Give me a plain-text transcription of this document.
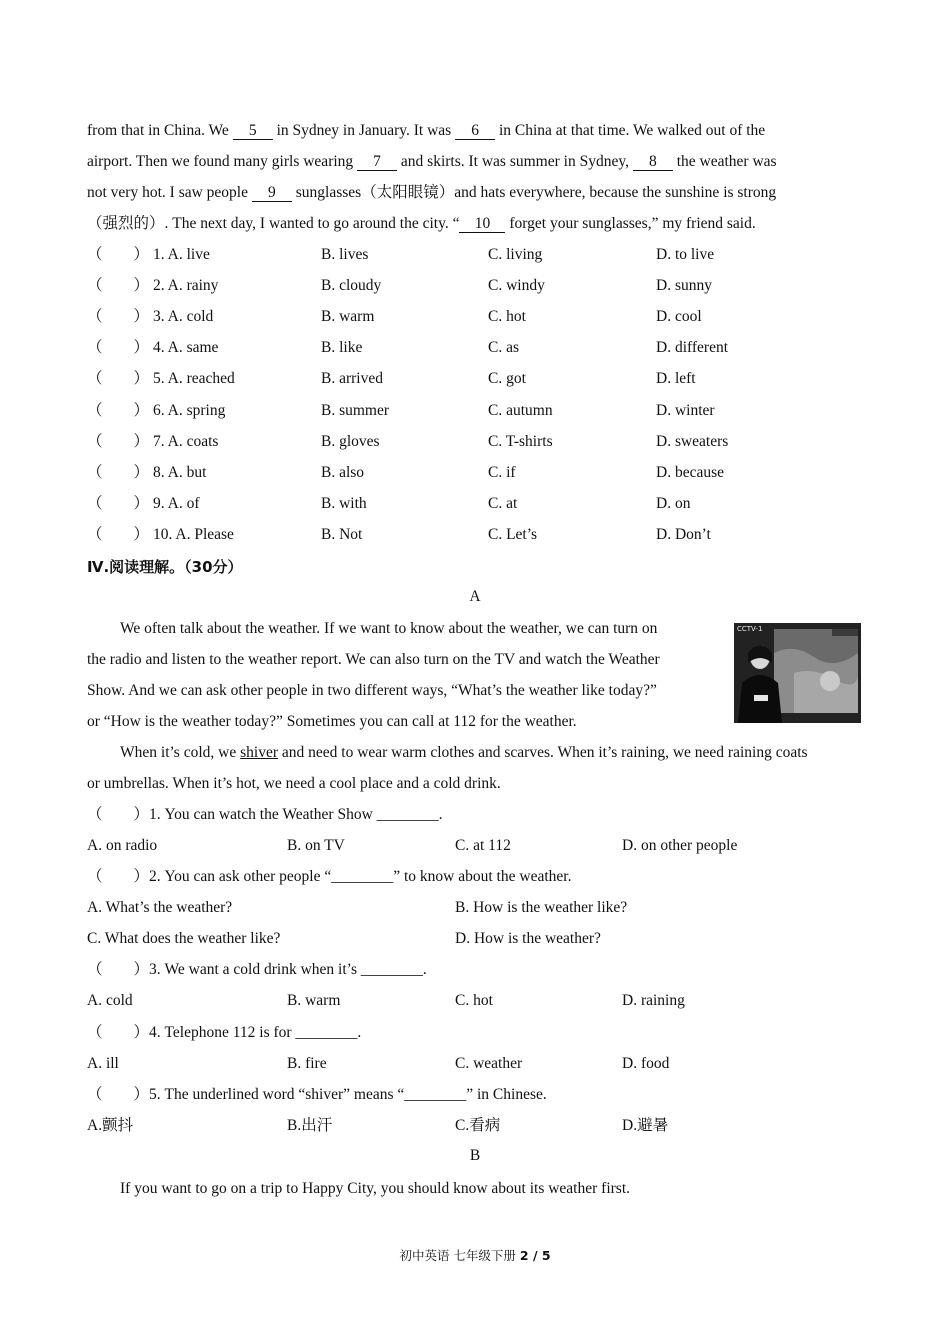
from that in China. We 5 in Sydney in January. It was 6 in China at that time. We walked out of the
airport. Then we found many girls wearing 7 and skirts. It was summer in Sydney, 8 the weather was
not very hot. I saw people 9 sunglasses（太阳眼镜）and hats everywhere, because the sunshine is strong
（强烈的）. The next day, I wanted to go around the city. “ 10 forget your sunglasses,” my friend said.
（　　） 1. A. live	B. lives	C. living	D. to live
（　　） 2. A. rainy	B. cloudy	C. windy	D. sunny
（　　） 3. A. cold	B. warm	C. hot	D. cool
（　　） 4. A. same	B. like	C. as	D. different
（　　） 5. A. reached	B. arrived	C. got	D. left
（　　） 6. A. spring	B. summer	C. autumn	D. winter
（　　） 7. A. coats	B. gloves	C. T-shirts	D. sweaters
（　　） 8. A. but	B. also	C. if	D. because
（　　） 9. A. of	B. with	C. at	D. on
（　　） 10. A. Please	B. Not	C. Let’s	D. Don’t
Ⅳ.阅读理解。（30分）
A
We often talk about the weather. If we want to know about the weather, we can turn on
the radio and listen to the weather report. We can also turn on the TV and watch the Weather
Show. And we can ask other people in two different ways, “What’s the weather like today?”
or “How is the weather today?” Sometimes you can call at 112 for the weather.
CCTV-1
When it’s cold, we shiver and need to wear warm clothes and scarves. When it’s raining, we need raining coats
or umbrellas. When it’s hot, we need a cool place and a cold drink.
（　　）1. You can watch the Weather Show ________.
A. on radio	B. on TV	C. at 112	D. on other people
（　　）2. You can ask other people “________” to know about the weather.
A. What’s the weather?	B. How is the weather like?
C. What does the weather like?	D. How is the weather?
（　　）3. We want a cold drink when it’s ________.
A. cold	B. warm	C. hot	D. raining
（　　）4. Telephone 112 is for ________.
A. ill	B. fire	C. weather	D. food
（　　）5. The underlined word “shiver” means “________” in Chinese.
A.颤抖	B.出汗	C.看病	D.避暑
B
If you want to go on a trip to Happy City, you should know about its weather first.
初中英语 七年级下册 2 / 5
